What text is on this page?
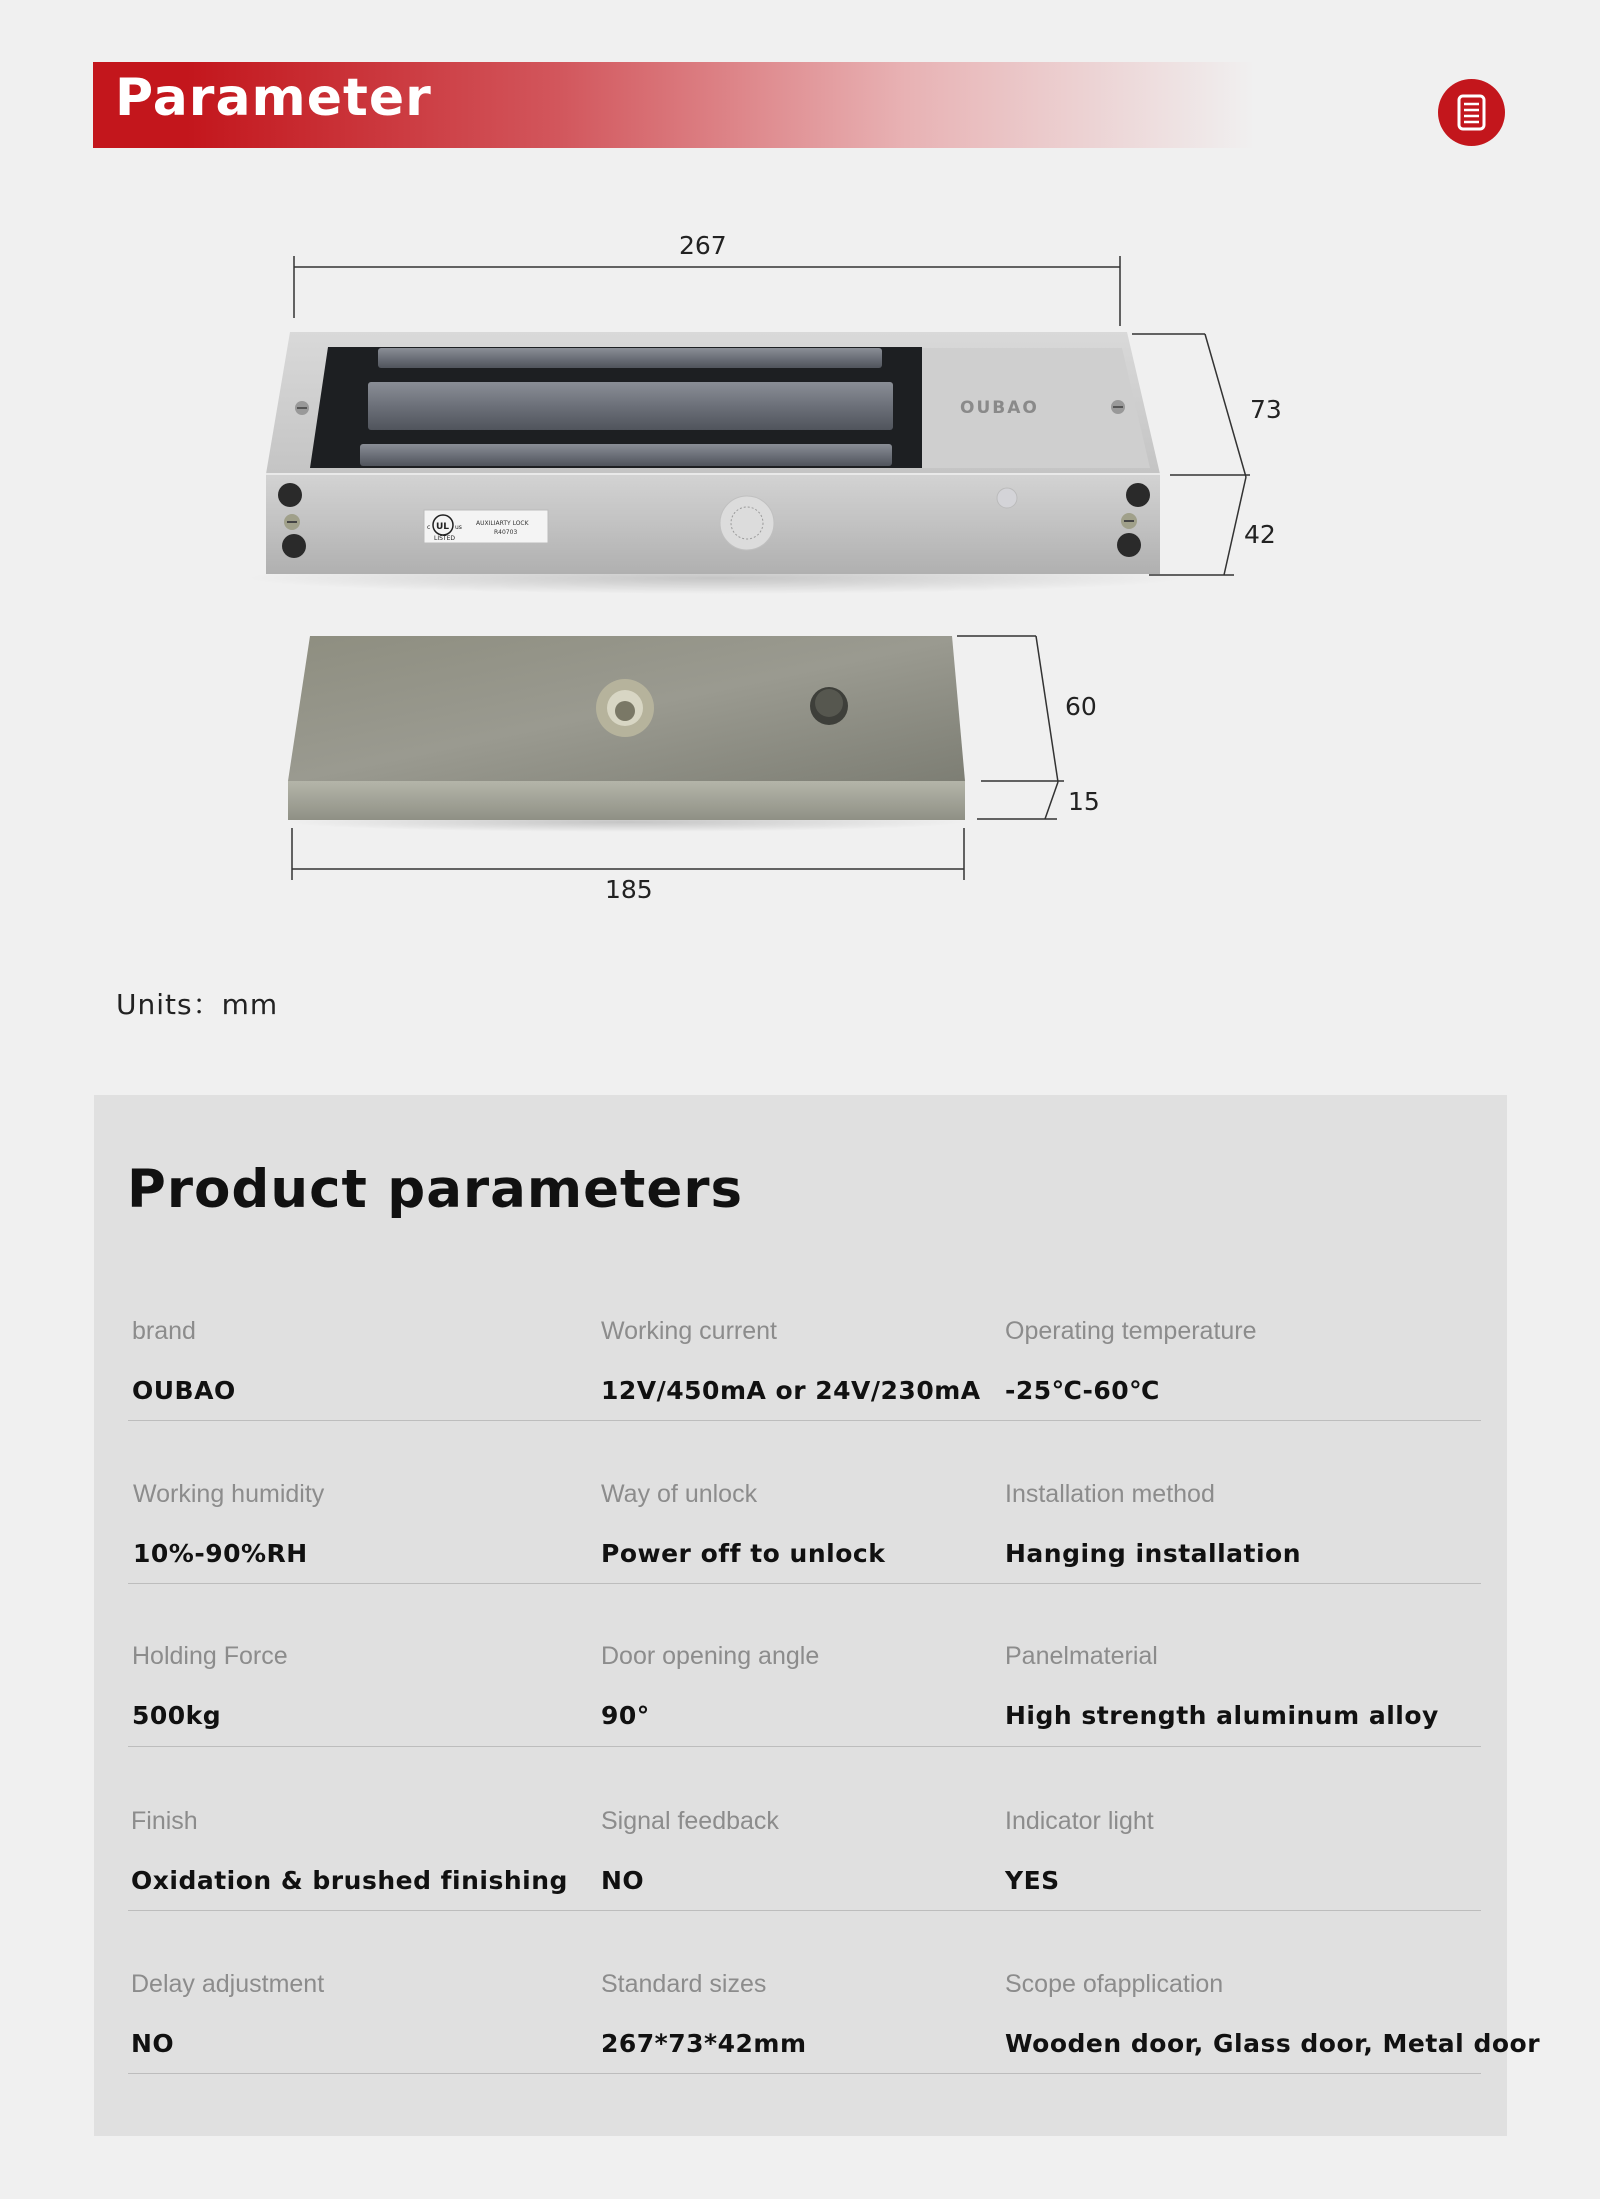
Parameter
OUBAO
UL
c	us
LISTED
AUXILIARTY LOCK
R40703
267
73
42
60
15
185
Units：mm
Product parameters
brand
OUBAO
Working current
12V/450mA or 24V/230mA
Operating temperature
-25℃-60℃
Working humidity
10%-90%RH
Way of unlock
Power off to unlock
Installation method
Hanging installation
Holding Force
500kg
Door opening angle
90°
Panelmaterial
High strength aluminum alloy
Finish
Oxidation & brushed finishing
Signal feedback
NO
Indicator light
YES
Delay adjustment
NO
Standard sizes
267*73*42mm
Scope ofapplication
Wooden door, Glass door, Metal door
